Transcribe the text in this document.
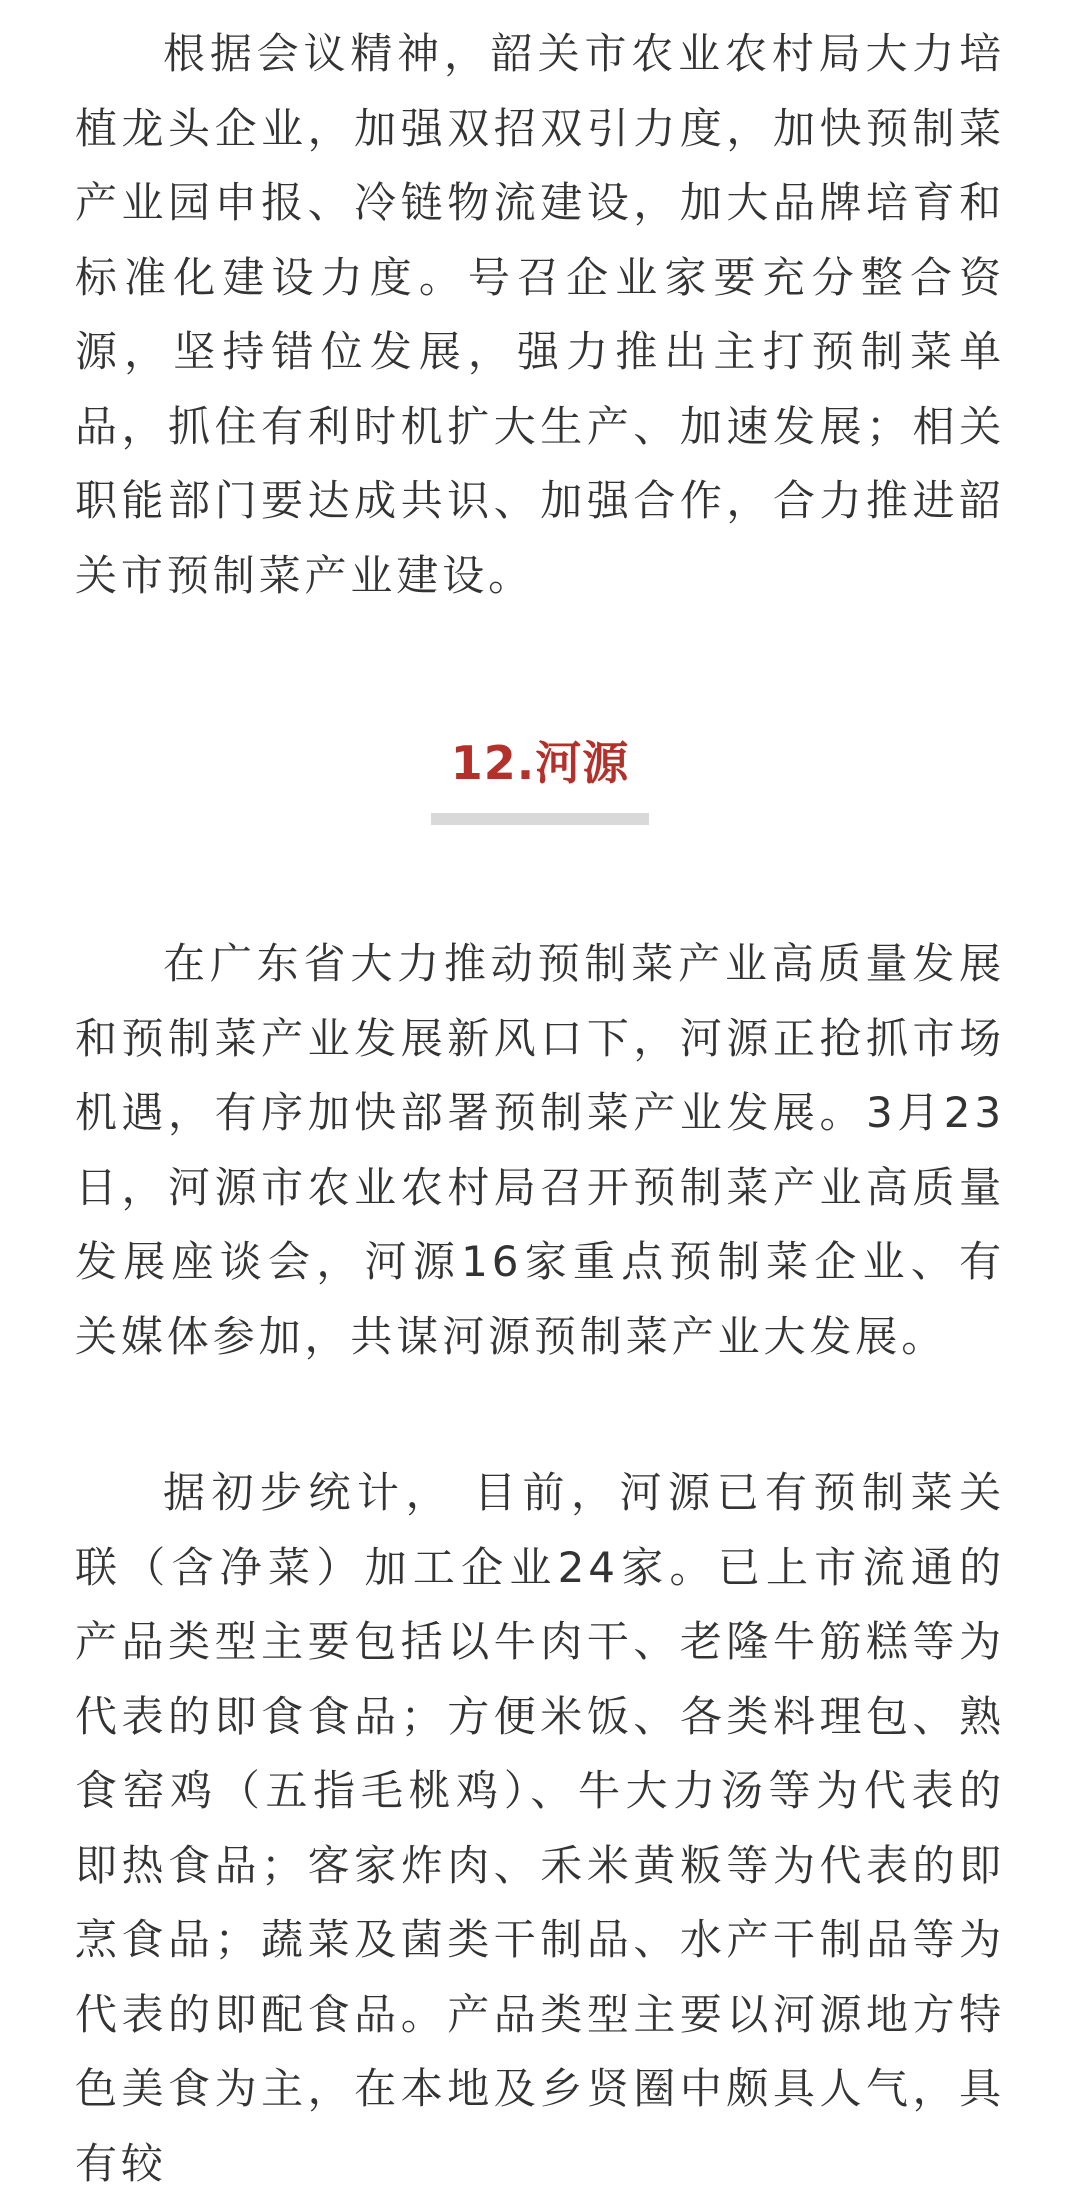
根据会议精神，韶关市农业农村局大力培植龙头企业，加强双招双引力度，加快预制菜产业园申报、冷链物流建设，加大品牌培育和标准化建设力度。号召企业家要充分整合资源，坚持错位发展，强力推出主打预制菜单品，抓住有利时机扩大生产、加速发展；相关职能部门要达成共识、加强合作，合力推进韶关市预制菜产业建设。

12.河源

在广东省大力推动预制菜产业高质量发展和预制菜产业发展新风口下，河源正抢抓市场机遇，有序加快部署预制菜产业发展。3月23日，河源市农业农村局召开预制菜产业高质量发展座谈会，河源16家重点预制菜企业、有关媒体参加，共谋河源预制菜产业大发展。

据初步统计， 目前，河源已有预制菜关联（含净菜）加工企业24家。已上市流通的产品类型主要包括以牛肉干、老隆牛筋糕等为代表的即食食品；方便米饭、各类料理包、熟食窑鸡（五指毛桃鸡）、牛大力汤等为代表的即热食品；客家炸肉、禾米黄粄等为代表的即烹食品；蔬菜及菌类干制品、水产干制品等为代表的即配食品。产品类型主要以河源地方特色美食为主，在本地及乡贤圈中颇具人气，具有较
